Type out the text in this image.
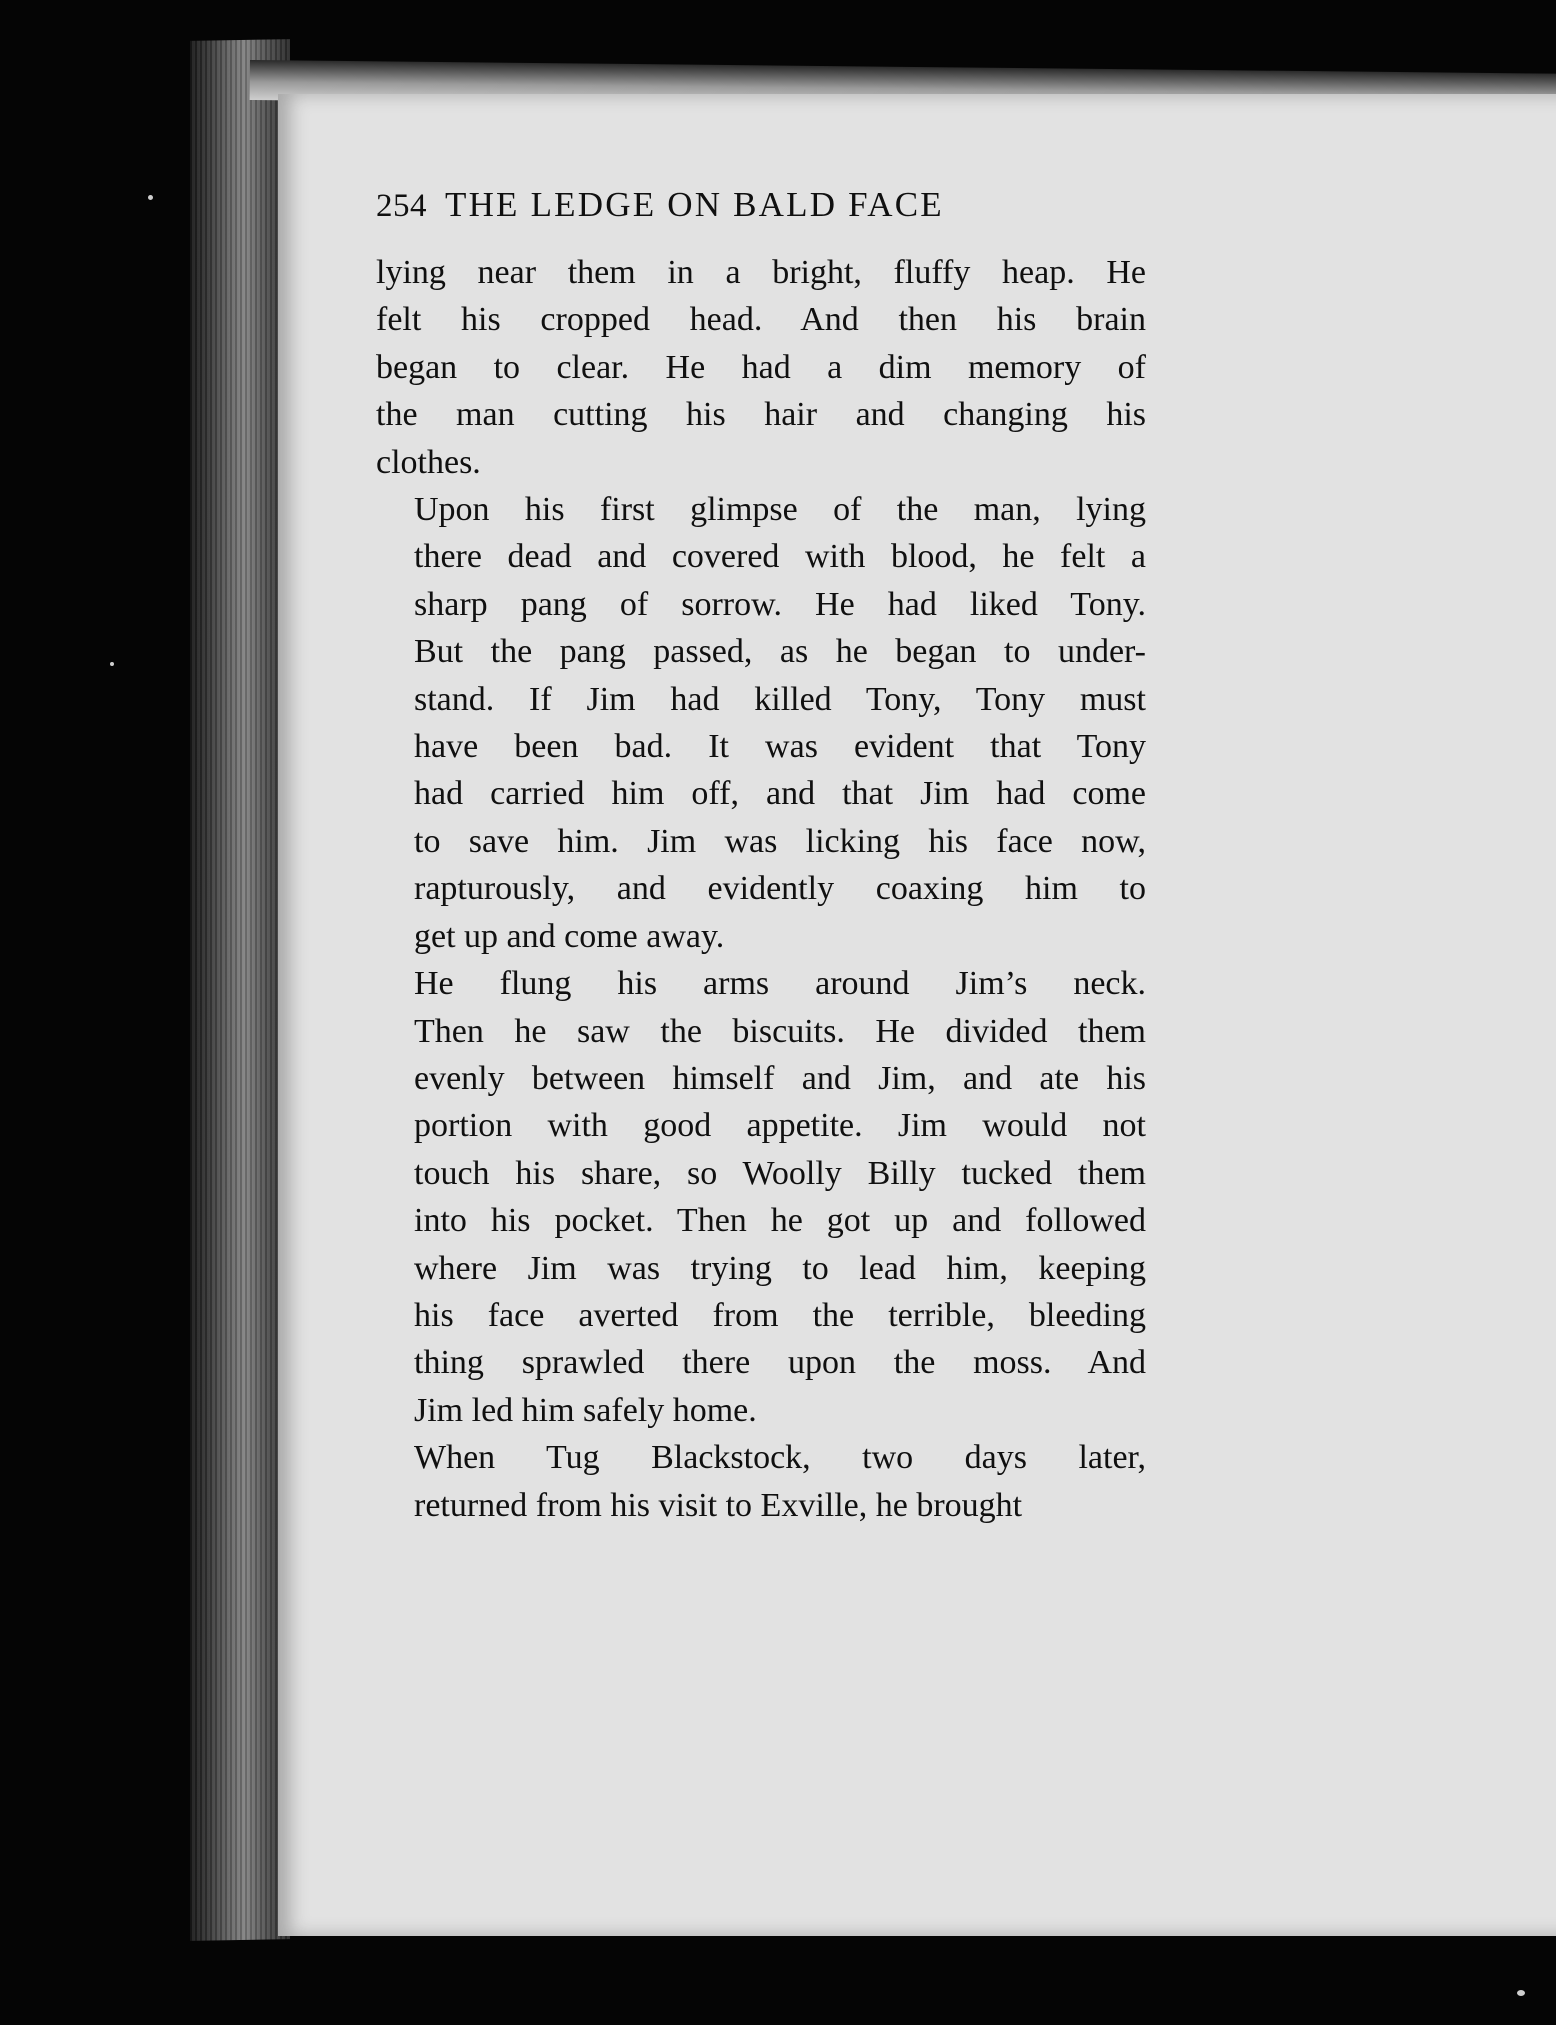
254 THE LEDGE ON BALD FACE
lying near them in a bright, fluffy heap. He
felt his cropped head. And then his brain
began to clear. He had a dim memory of
the man cutting his hair and changing his
clothes.
Upon his first glimpse of the man, lying
there dead and covered with blood, he felt a
sharp pang of sorrow. He had liked Tony.
But the pang passed, as he began to under-
stand. If Jim had killed Tony, Tony must
have been bad. It was evident that Tony
had carried him off, and that Jim had come
to save him. Jim was licking his face now,
rapturously, and evidently coaxing him to
get up and come away.
He flung his arms around Jim’s neck.
Then he saw the biscuits. He divided them
evenly between himself and Jim, and ate his
portion with good appetite. Jim would not
touch his share, so Woolly Billy tucked them
into his pocket. Then he got up and followed
where Jim was trying to lead him, keeping
his face averted from the terrible, bleeding
thing sprawled there upon the moss. And
Jim led him safely home.
When Tug Blackstock, two days later,
returned from his visit to Exville, he brought
